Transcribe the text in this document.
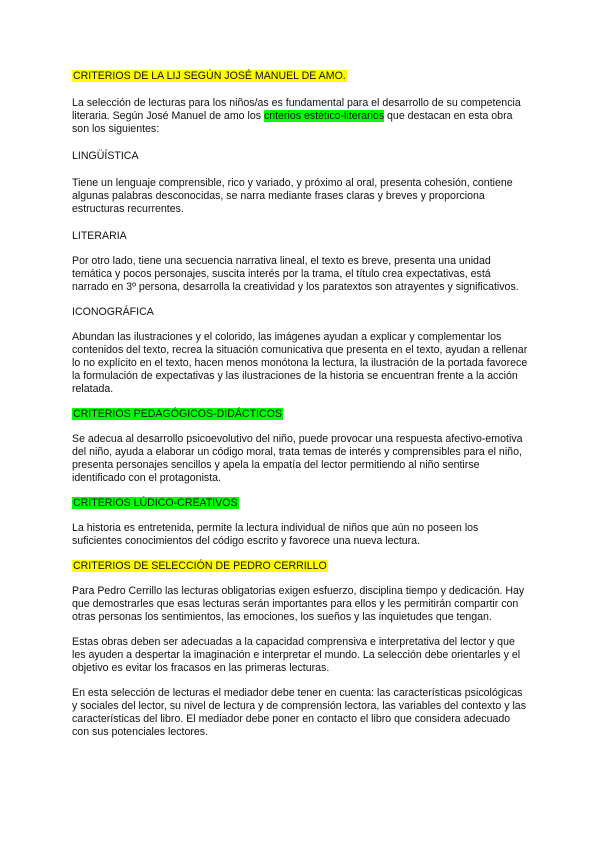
CRITERIOS DE LA LIJ SEGÚN JOSÉ MANUEL DE AMO.

La selección de lecturas para los niños/as es fundamental para el desarrollo de su competencia literaria. Según José Manuel de amo los criterios estético-literarios que destacan en esta obra son los siguientes:

LINGÜÍSTICA

Tiene un lenguaje comprensible, rico y variado, y próximo al oral, presenta cohesión, contiene algunas palabras desconocidas, se narra mediante frases claras y breves y proporciona estructuras recurrentes.

LITERARIA

Por otro lado, tiene una secuencia narrativa lineal, el texto es breve, presenta una unidad temática y pocos personajes, suscita interés por la trama, el título crea expectativas, está narrado en 3º persona, desarrolla la creatividad y los paratextos son atrayentes y significativos.

ICONOGRÁFICA

Abundan las ilustraciones y el colorido, las imágenes ayudan a explicar y complementar los contenidos del texto, recrea la situación comunicativa que presenta en el texto, ayudan a rellenar lo no explícito en el texto, hacen menos monótona la lectura, la ilustración de la portada favorece la formulación de expectativas y las ilustraciones de la historia se encuentran frente a la acción relatada.

CRITERIOS PEDAGÓGICOS-DIDÁCTICOS

Se adecua al desarrollo psicoevolutivo del niño, puede provocar una respuesta afectivo-emotiva del niño, ayuda a elaborar un código moral, trata temas de interés y comprensibles para el niño, presenta personajes sencillos y apela la empatía del lector permitiendo al niño sentirse identificado con el protagonista.

CRITERIOS LÚDICO-CREATIVOS

La historia es entretenida, permite la lectura individual de niños que aún no poseen los suficientes conocimientos del código escrito y favorece una nueva lectura.

CRITERIOS DE SELECCIÓN DE PEDRO CERRILLO

Para Pedro Cerrillo las lecturas obligatorias exigen esfuerzo, disciplina tiempo y dedicación. Hay que demostrarles que esas lecturas serán importantes para ellos y les permitirán compartir con otras personas los sentimientos, las emociones, los sueños y las inquietudes que tengan.

Estas obras deben ser adecuadas a la capacidad comprensiva e interpretativa del lector y que les ayuden a despertar la imaginación e interpretar el mundo. La selección debe orientarles y el objetivo es evitar los fracasos en las primeras lecturas.

En esta selección de lecturas el mediador debe tener en cuenta: las características psicológicas y sociales del lector, su nivel de lectura y de comprensión lectora, las variables del contexto y las características del libro. El mediador debe poner en contacto el libro que considera adecuado con sus potenciales lectores.
